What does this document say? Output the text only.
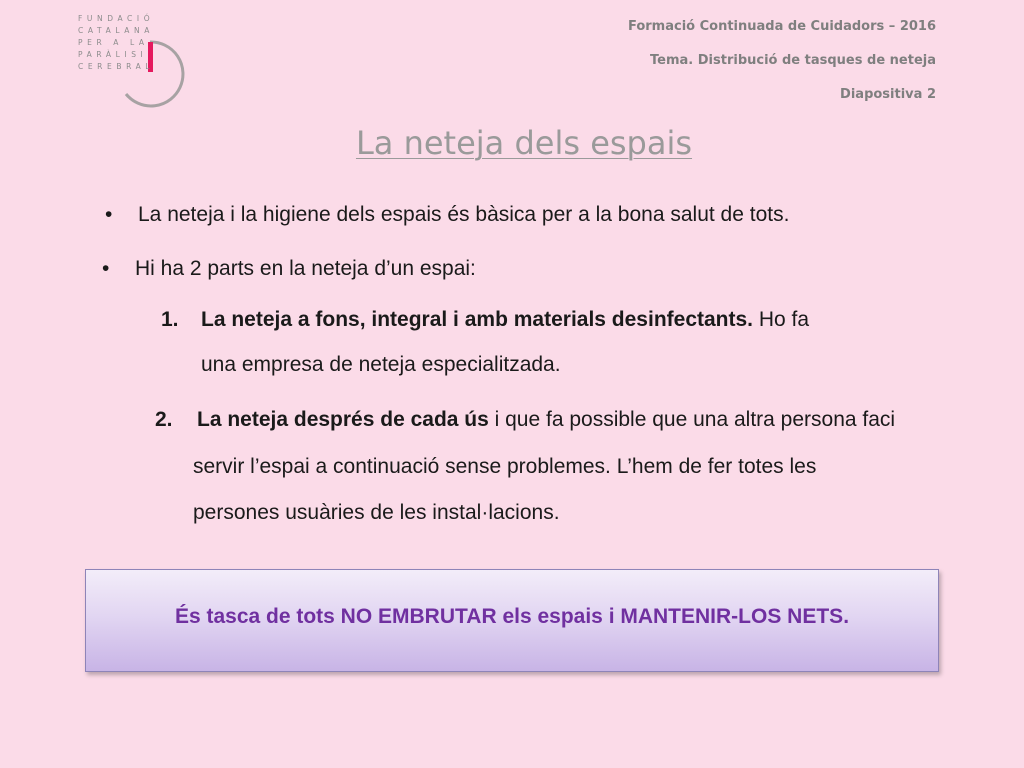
FUNDACIÓ
CATALANA
PER A LA
PARÀLISI
CEREBRAL
Formació Continuada de Cuidadors – 2016
Tema. Distribució de tasques de neteja
Diapositiva 2
La neteja dels espais
• La neteja i la higiene dels espais és bàsica per a la bona salut de tots.
• Hi ha 2 parts en la neteja d’un espai:
1. La neteja a fons, integral i amb materials desinfectants. Ho fa
una empresa de neteja especialitzada.
2. La neteja després de cada ús i que fa possible que una altra persona faci
servir l’espai a continuació sense problemes. L’hem de fer totes les
persones usuàries de les instal·lacions.
És tasca de tots NO EMBRUTAR els espais i MANTENIR-LOS NETS.
